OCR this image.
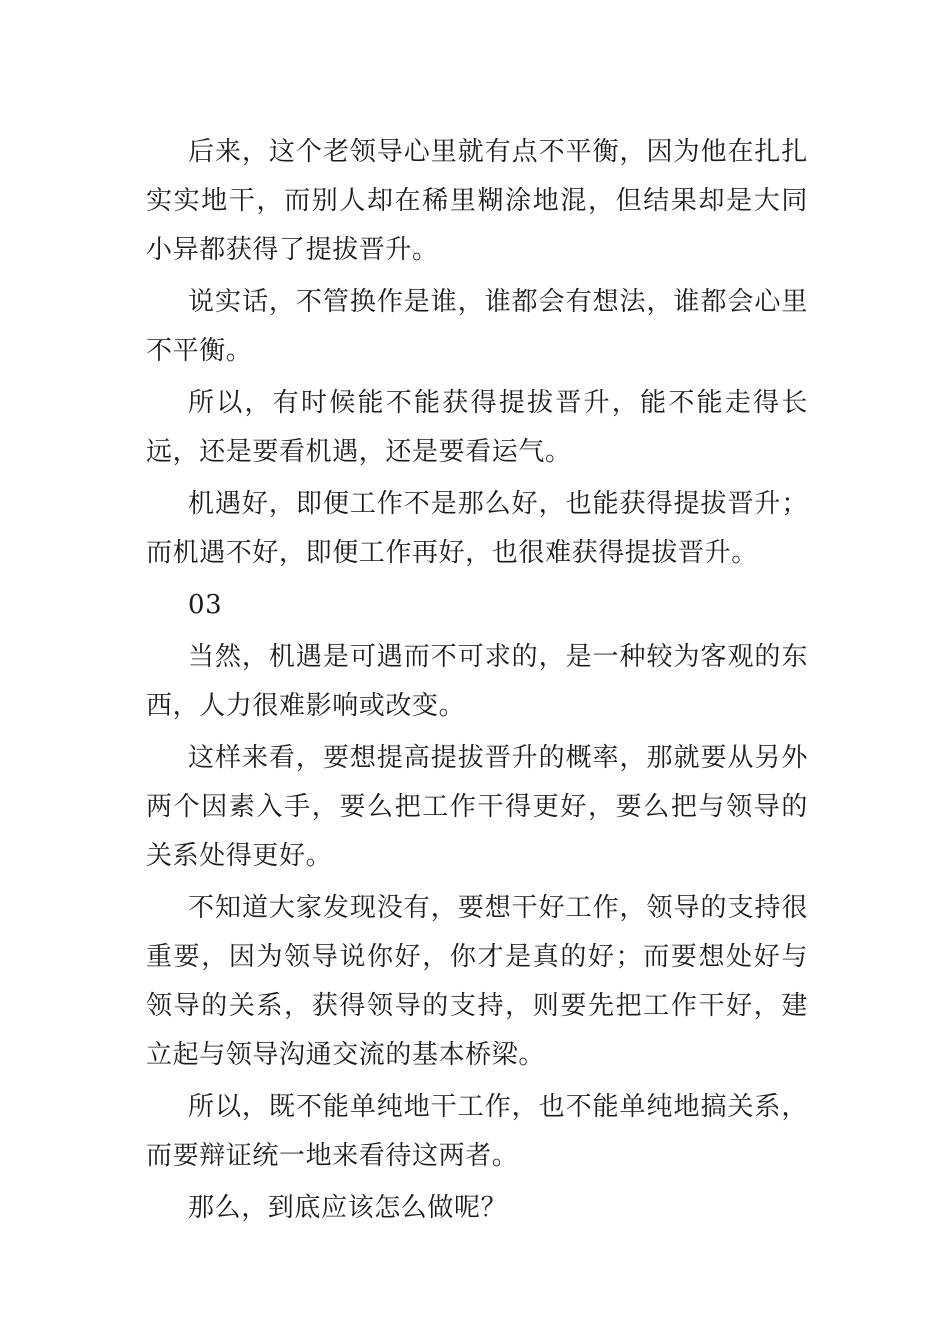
后来，这个老领导心里就有点不平衡，因为他在扎扎实实地干，而别人却在稀里糊涂地混，但结果却是大同小异都获得了提拔晋升。

说实话，不管换作是谁，谁都会有想法，谁都会心里不平衡。

所以，有时候能不能获得提拔晋升，能不能走得长远，还是要看机遇，还是要看运气。

机遇好，即便工作不是那么好，也能获得提拔晋升；而机遇不好，即便工作再好，也很难获得提拔晋升。

03

当然，机遇是可遇而不可求的，是一种较为客观的东西，人力很难影响或改变。

这样来看，要想提高提拔晋升的概率，那就要从另外两个因素入手，要么把工作干得更好，要么把与领导的关系处得更好。

不知道大家发现没有，要想干好工作，领导的支持很重要，因为领导说你好，你才是真的好；而要想处好与领导的关系，获得领导的支持，则要先把工作干好，建立起与领导沟通交流的基本桥梁。

所以，既不能单纯地干工作，也不能单纯地搞关系，而要辩证统一地来看待这两者。

那么，到底应该怎么做呢？
